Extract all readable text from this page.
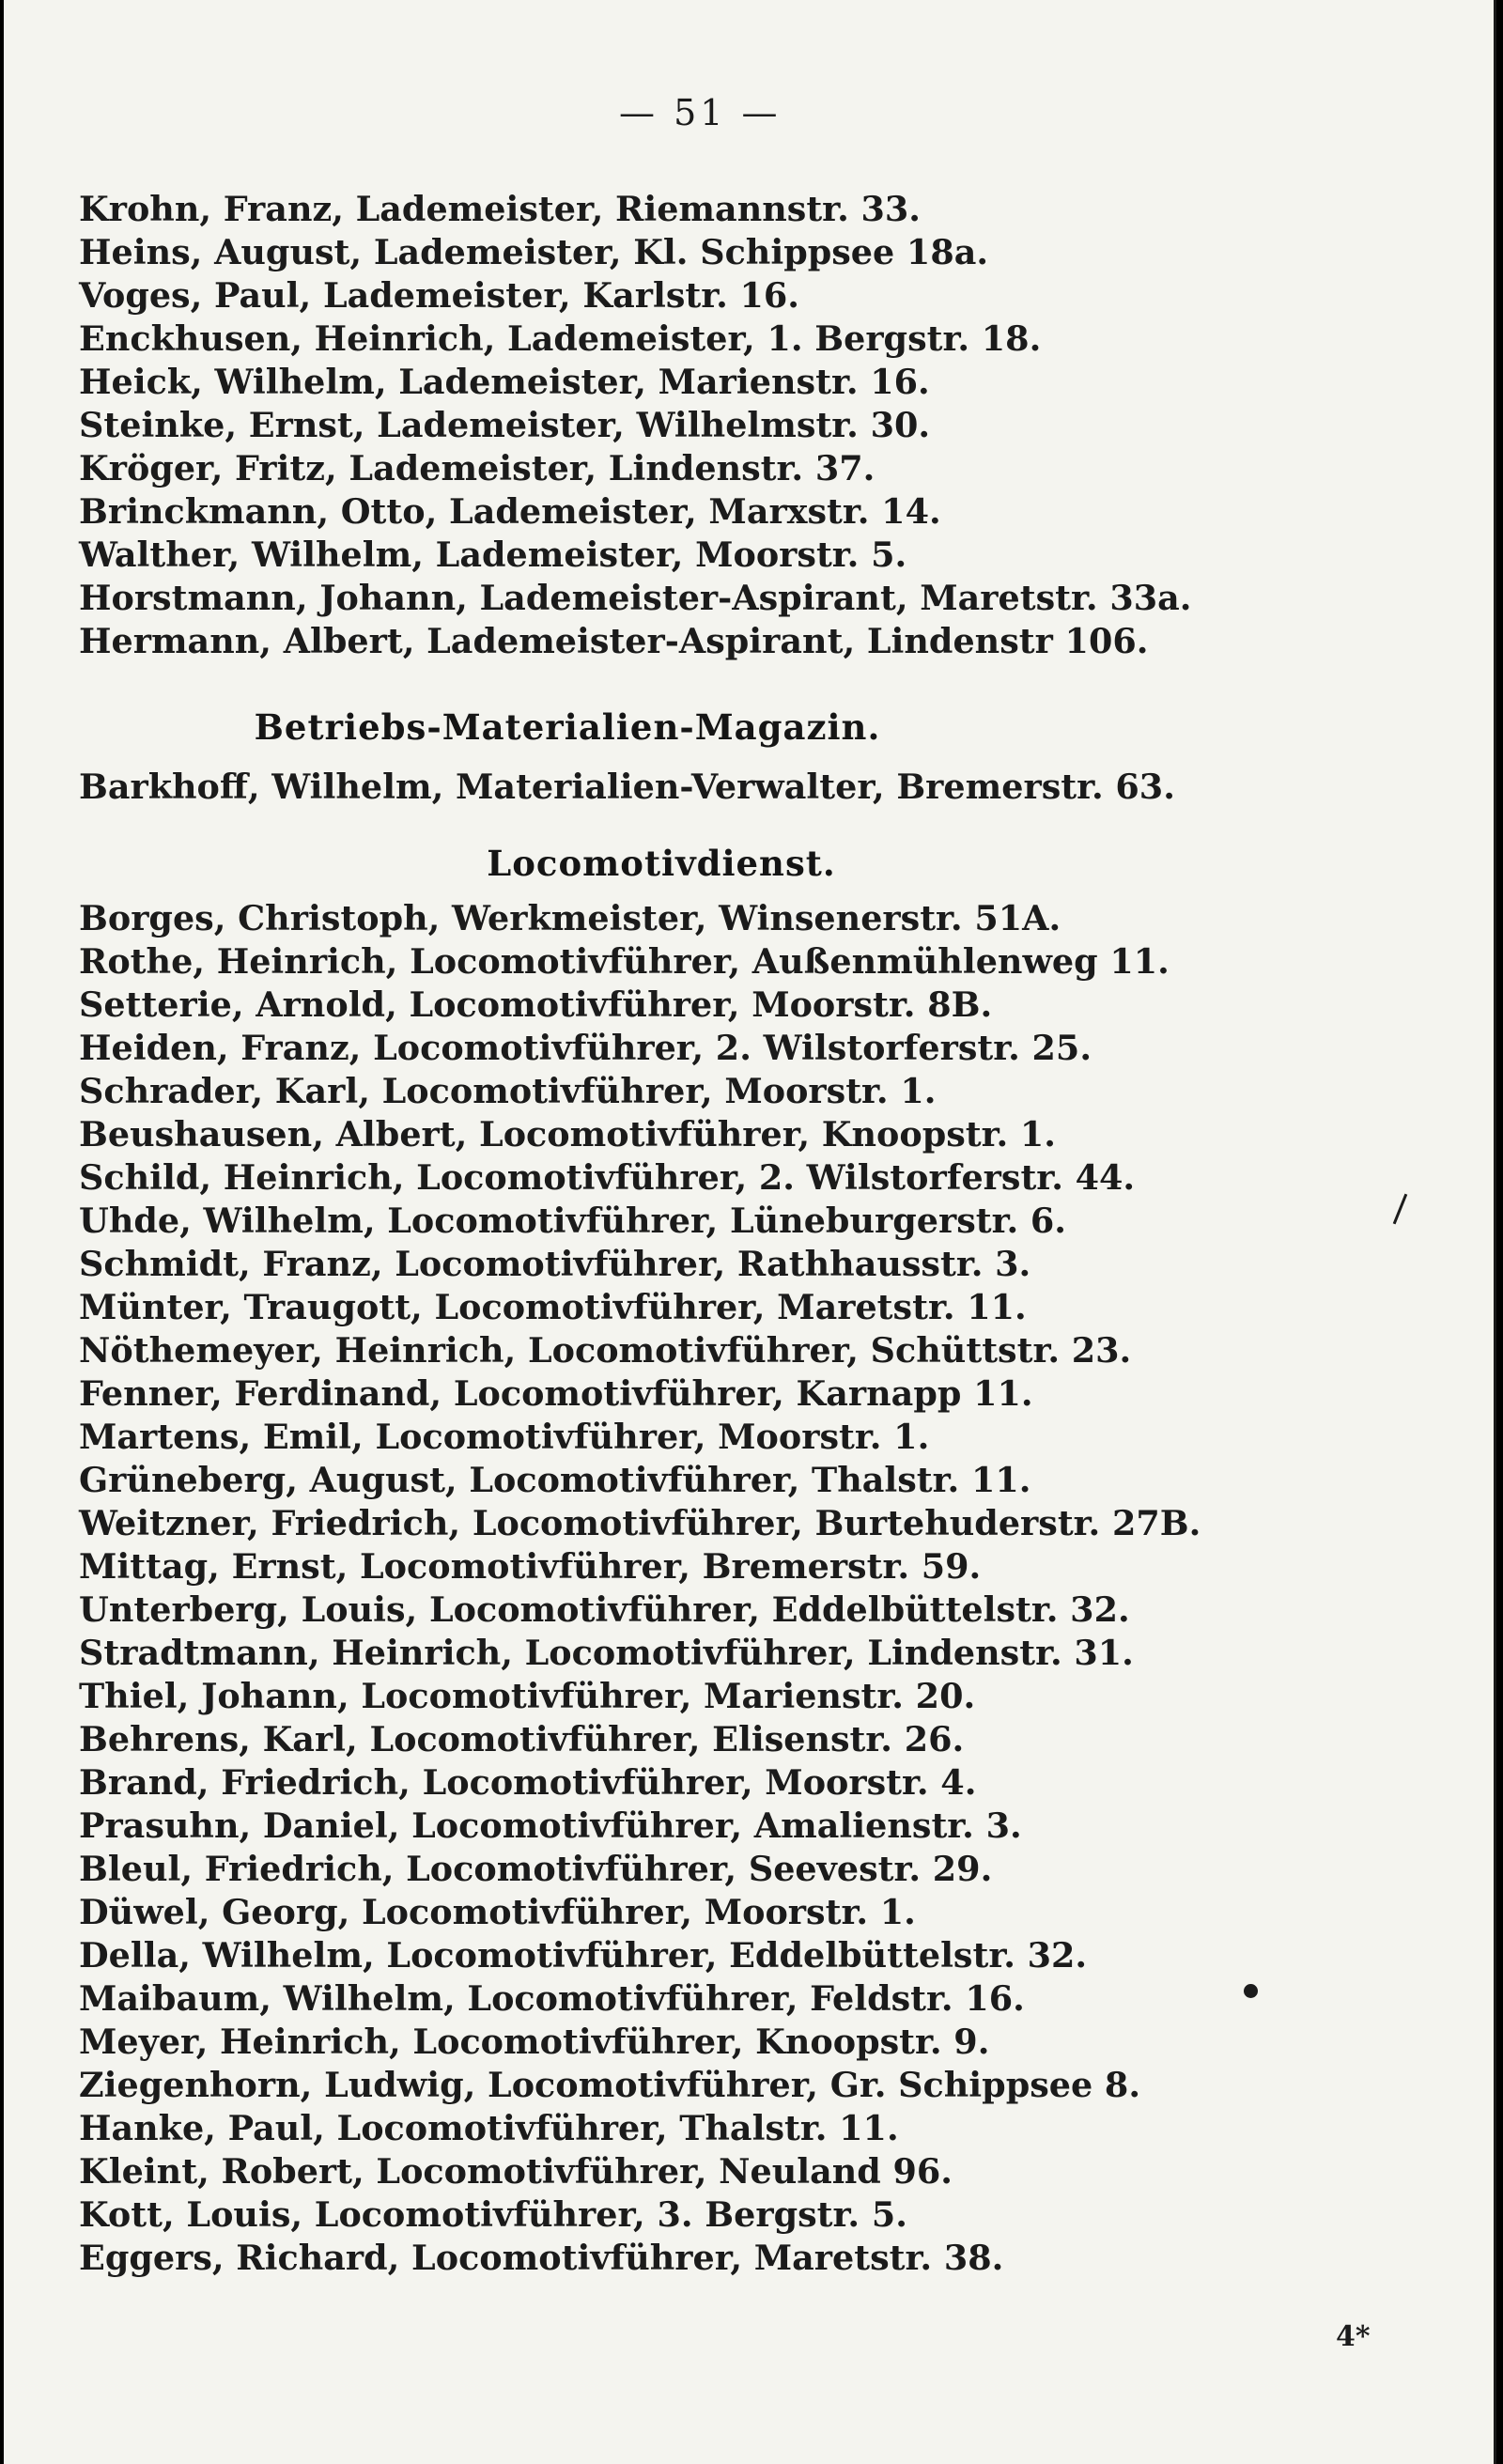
— 51 —
Krohn, Franz, Lademeister, Riemannstr. 33.
Heins, August, Lademeister, Kl. Schippsee 18a.
Voges, Paul, Lademeister, Karlstr. 16.
Enckhusen, Heinrich, Lademeister, 1. Bergstr. 18.
Heick, Wilhelm, Lademeister, Marienstr. 16.
Steinke, Ernst, Lademeister, Wilhelmstr. 30.
Kröger, Fritz, Lademeister, Lindenstr. 37.
Brinckmann, Otto, Lademeister, Marxstr. 14.
Walther, Wilhelm, Lademeister, Moorstr. 5.
Horstmann, Johann, Lademeister-Aspirant, Maretstr. 33a.
Hermann, Albert, Lademeister-Aspirant, Lindenstr 106.
Betriebs-Materialien-Magazin.
Barkhoff, Wilhelm, Materialien-Verwalter, Bremerstr. 63.
Locomotivdienst.
Borges, Christoph, Werkmeister, Winsenerstr. 51A.
Rothe, Heinrich, Locomotivführer, Außenmühlenweg 11.
Setterie, Arnold, Locomotivführer, Moorstr. 8B.
Heiden, Franz, Locomotivführer, 2. Wilstorferstr. 25.
Schrader, Karl, Locomotivführer, Moorstr. 1.
Beushausen, Albert, Locomotivführer, Knoopstr. 1.
Schild, Heinrich, Locomotivführer, 2. Wilstorferstr. 44.
Uhde, Wilhelm, Locomotivführer, Lüneburgerstr. 6.
Schmidt, Franz, Locomotivführer, Rathhausstr. 3.
Münter, Traugott, Locomotivführer, Maretstr. 11.
Nöthemeyer, Heinrich, Locomotivführer, Schüttstr. 23.
Fenner, Ferdinand, Locomotivführer, Karnapp 11.
Martens, Emil, Locomotivführer, Moorstr. 1.
Grüneberg, August, Locomotivführer, Thalstr. 11.
Weitzner, Friedrich, Locomotivführer, Burtehuderstr. 27B.
Mittag, Ernst, Locomotivführer, Bremerstr. 59.
Unterberg, Louis, Locomotivführer, Eddelbüttelstr. 32.
Stradtmann, Heinrich, Locomotivführer, Lindenstr. 31.
Thiel, Johann, Locomotivführer, Marienstr. 20.
Behrens, Karl, Locomotivführer, Elisenstr. 26.
Brand, Friedrich, Locomotivführer, Moorstr. 4.
Prasuhn, Daniel, Locomotivführer, Amalienstr. 3.
Bleul, Friedrich, Locomotivführer, Seevestr. 29.
Düwel, Georg, Locomotivführer, Moorstr. 1.
Della, Wilhelm, Locomotivführer, Eddelbüttelstr. 32.
Maibaum, Wilhelm, Locomotivführer, Feldstr. 16.
Meyer, Heinrich, Locomotivführer, Knoopstr. 9.
Ziegenhorn, Ludwig, Locomotivführer, Gr. Schippsee 8.
Hanke, Paul, Locomotivführer, Thalstr. 11.
Kleint, Robert, Locomotivführer, Neuland 96.
Kott, Louis, Locomotivführer, 3. Bergstr. 5.
Eggers, Richard, Locomotivführer, Maretstr. 38.
4*
